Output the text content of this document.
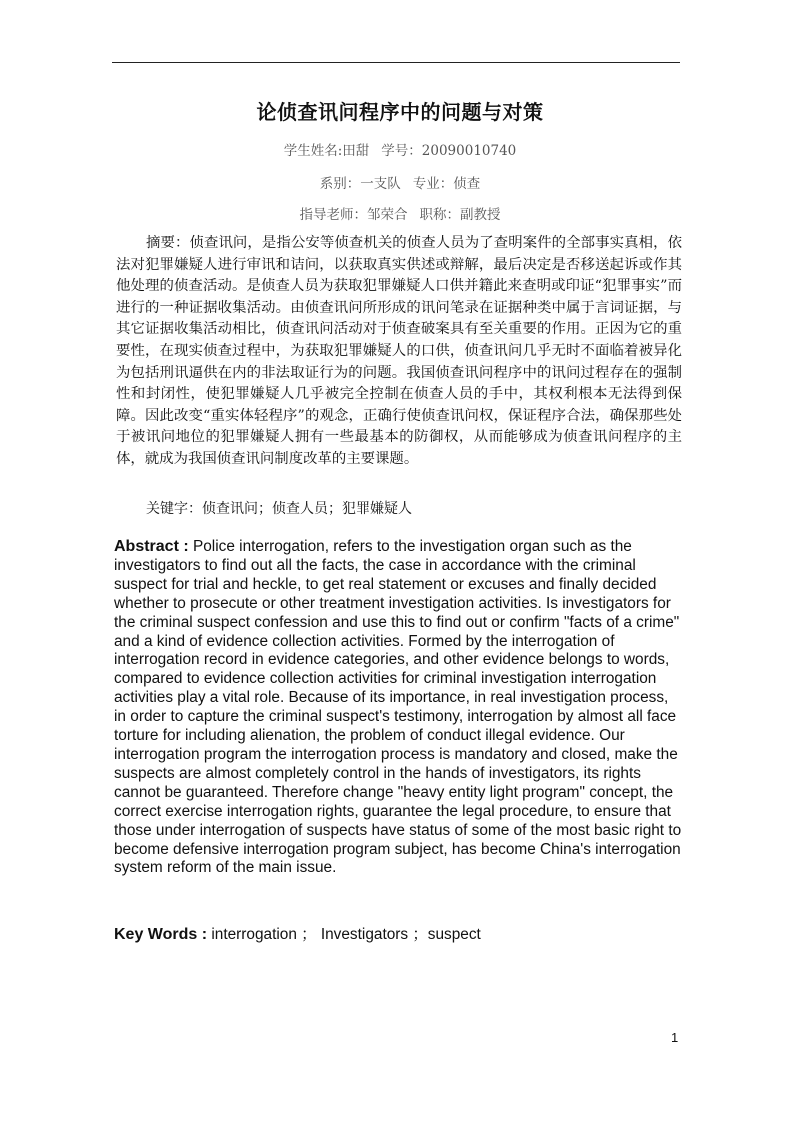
论侦查讯问程序中的问题与对策
学生姓名:田甜 学号：20090010740
系别：一支队 专业：侦查
指导老师：邹荣合 职称：副教授
摘要：侦查讯问，是指公安等侦查机关的侦查人员为了查明案件的全部事实真相，依法对犯罪嫌疑人进行审讯和诘问，以获取真实供述或辩解，最后决定是否移送起诉或作其他处理的侦查活动。是侦查人员为获取犯罪嫌疑人口供并籍此来查明或印证“犯罪事实”而进行的一种证据收集活动。由侦查讯问所形成的讯问笔录在证据种类中属于言词证据，与其它证据收集活动相比，侦查讯问活动对于侦查破案具有至关重要的作用。正因为它的重要性，在现实侦查过程中，为获取犯罪嫌疑人的口供，侦查讯问几乎无时不面临着被异化为包括刑讯逼供在内的非法取证行为的问题。我国侦查讯问程序中的讯问过程存在的强制性和封闭性，使犯罪嫌疑人几乎被完全控制在侦查人员的手中，其权利根本无法得到保障。因此改变“重实体轻程序”的观念，正确行使侦查讯问权，保证程序合法，确保那些处于被讯问地位的犯罪嫌疑人拥有一些最基本的防御权，从而能够成为侦查讯问程序的主体，就成为我国侦查讯问制度改革的主要课题。
关键字：侦查讯问；侦查人员；犯罪嫌疑人
Abstract : Police interrogation, refers to the investigation organ such as the investigators to find out all the facts, the case in accordance with the criminal suspect for trial and heckle, to get real statement or excuses and finally decided whether to prosecute or other treatment investigation activities. Is investigators for the criminal suspect confession and use this to find out or confirm "facts of a crime" and a kind of evidence collection activities. Formed by the interrogation of interrogation record in evidence categories, and other evidence belongs to words, compared to evidence collection activities for criminal investigation interrogation activities play a vital role. Because of its importance, in real investigation process, in order to capture the criminal suspect's testimony, interrogation by almost all face torture for including alienation, the problem of conduct illegal evidence. Our interrogation program the interrogation process is mandatory and closed, make the suspects are almost completely control in the hands of investigators, its rights cannot be guaranteed. Therefore change "heavy entity light program" concept, the correct exercise interrogation rights, guarantee the legal procedure, to ensure that those under interrogation of suspects have status of some of the most basic right to become defensive interrogation program subject, has become China's interrogation system reform of the main issue.
Key Words : interrogation ； Investigators ；suspect
1
